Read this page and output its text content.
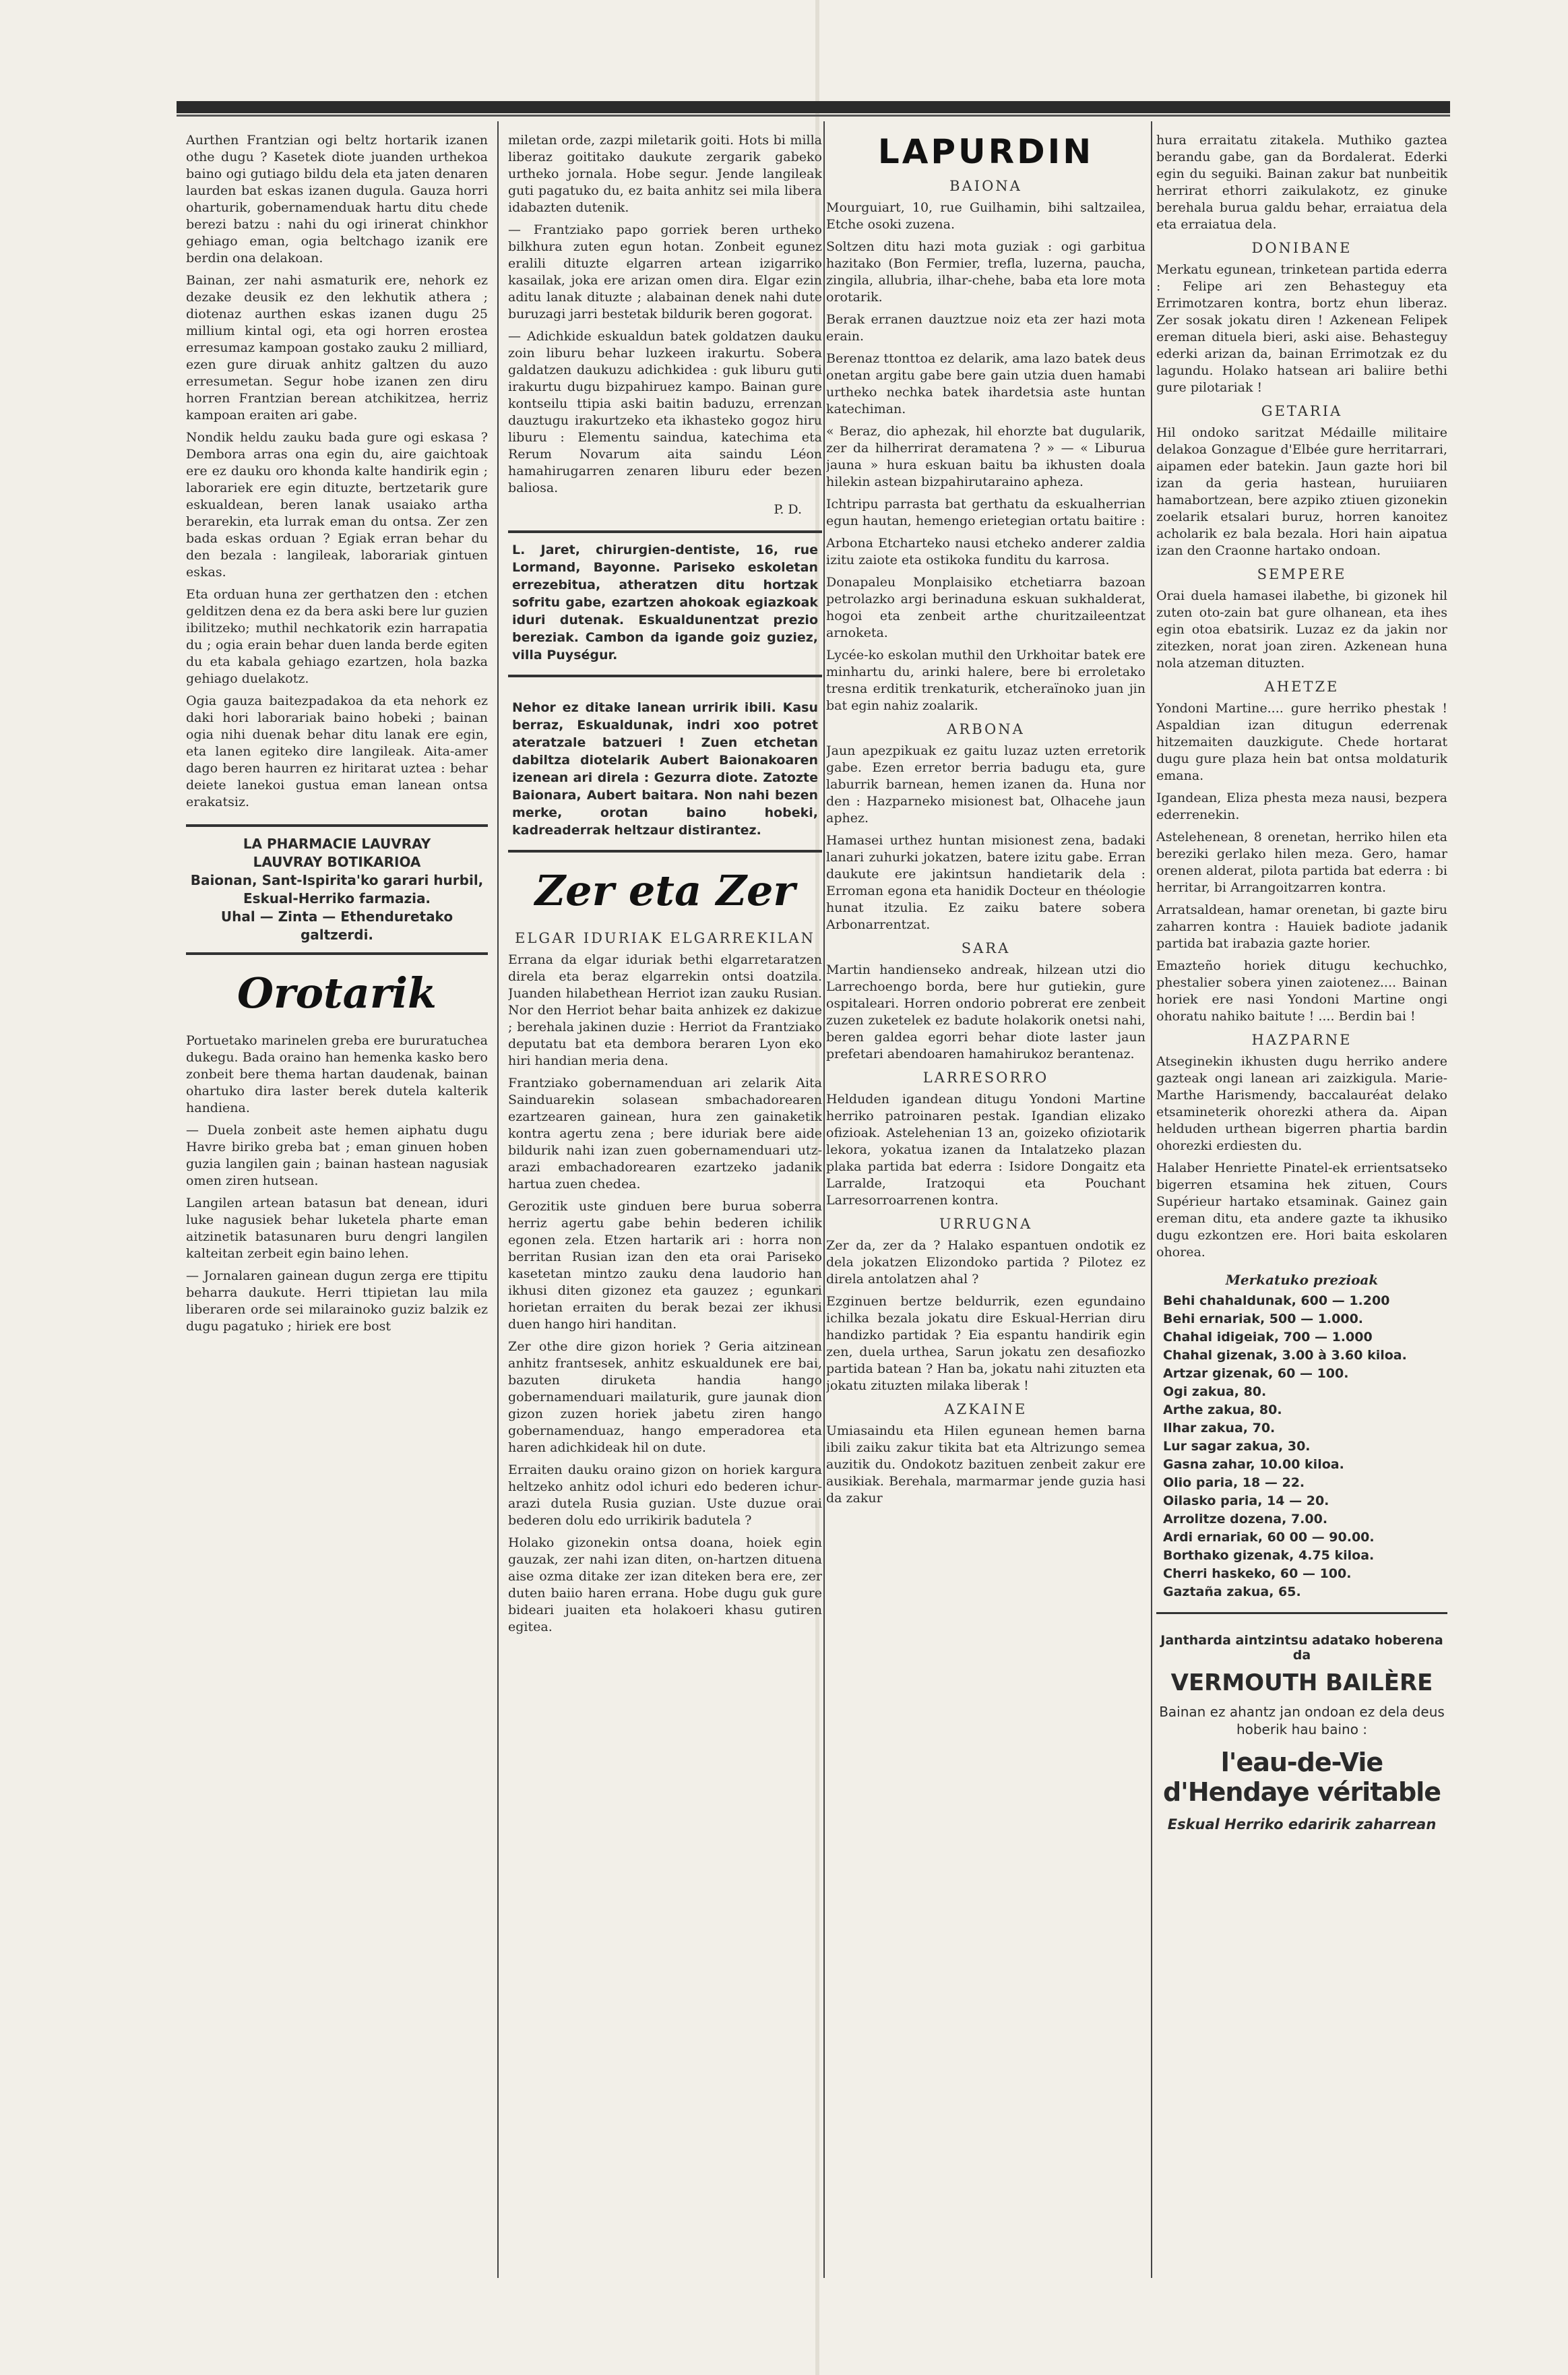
Aurthen Frantzian ogi beltz hortarik izanen othe dugu ? Kasetek diote juanden urthekoa baino ogi gutiago bildu dela eta jaten denaren laurden bat eskas izanen dugula. Gauza horri oharturik, gobernamenduak hartu ditu chede berezi batzu : nahi du ogi irinerat chinkhor gehiago eman, ogia beltchago izanik ere berdin ona delakoan.

Bainan, zer nahi asmaturik ere, nehork ez dezake deusik ez den lekhutik athera ; diotenaz aurthen eskas izanen dugu 25 millium kintal ogi, eta ogi horren erostea erresumaz kampoan gostako zauku 2 milliard, ezen gure diruak anhitz galtzen du auzo erresumetan. Segur hobe izanen zen diru horren Frantzian berean atchikitzea, herriz kampoan eraiten ari gabe.

Nondik heldu zauku bada gure ogi eskasa ? Dembora arras ona egin du, aire gaichtoak ere ez dauku oro khonda kalte handirik egin ; laborariek ere egin dituzte, bertzetarik gure eskualdean, beren lanak usaiako artha berarekin, eta lurrak eman du ontsa. Zer zen bada eskas orduan ? Egiak erran behar du den bezala : langileak, laborariak gintuen eskas.

Eta orduan huna zer gerthatzen den : etchen gelditzen dena ez da bera aski bere lur guzien ibilitzeko; muthil nechkatorik ezin harrapatia du ; ogia erain behar duen landa berde egiten du eta kabala gehiago ezartzen, hola bazka gehiago duelakotz.

Ogia gauza baitezpadakoa da eta nehork ez daki hori laborariak baino hobeki ; bainan ogia nihi duenak behar ditu lanak ere egin, eta lanen egiteko dire langileak. Aita-amer dago beren haurren ez hiritarat uztea : behar deiete lanekoi gustua eman lanean ontsa erakatsiz.

LA PHARMACIE LAUVRAY

LAUVRAY BOTIKARIOA

Baionan, Sant-Ispirita'ko garari hurbil,

Eskual-Herriko farmazia.

Uhal — Zinta — Ethenduretako

galtzerdi.

Orotarik

Portuetako marinelen greba ere bururatuchea dukegu. Bada oraino han hemenka kasko bero zonbeit bere thema hartan daudenak, bainan ohartuko dira laster berek dutela kalterik handiena.

— Duela zonbeit aste hemen aiphatu dugu Havre biriko greba bat ; eman ginuen hoben guzia langilen gain ; bainan hastean nagusiak omen ziren hutsean.

Langilen artean batasun bat denean, iduri luke nagusiek behar luketela pharte eman aitzinetik batasunaren buru dengri langilen kalteitan zerbeit egin baino lehen.

— Jornalaren gainean dugun zerga ere ttipitu beharra daukute. Herri ttipietan lau mila liberaren orde sei milarainoko guziz balzik ez dugu pagatuko ; hiriek ere bost

miletan orde, zazpi miletarik goiti. Hots bi milla liberaz goititako daukute zergarik gabeko urtheko jornala. Hobe segur. Jende langileak guti pagatuko du, ez baita anhitz sei mila libera idabazten dutenik.

— Frantziako papo gorriek beren urtheko bilkhura zuten egun hotan. Zonbeit egunez eralili dituzte elgarren artean izigarriko kasailak, joka ere arizan omen dira. Elgar ezin aditu lanak dituzte ; alabainan denek nahi dute buruzagi jarri bestetak bildurik beren gogorat.

— Adichkide eskualdun batek goldatzen dauku zoin liburu behar luzkeen irakurtu. Sobera galdatzen daukuzu adichkidea : guk liburu guti irakurtu dugu bizpahiruez kampo. Bainan gure kontseilu ttipia aski baitin baduzu, errenzan dauztugu irakurtzeko eta ikhasteko gogoz hiru liburu : Elementu saindua, katechima eta Rerum Novarum aita saindu Léon hamahirugarren zenaren liburu eder bezen baliosa.

P. D.

L. Jaret, chirurgien-dentiste, 16, rue Lormand, Bayonne. Pariseko eskoletan errezebitua, atheratzen ditu hortzak sofritu gabe, ezartzen ahokoak egiazkoak iduri dutenak. Eskualdunentzat prezio bereziak. Cambon da igande goiz guziez, villa Puységur.

Nehor ez ditake lanean urririk ibili. Kasu berraz, Eskualdunak, indri xoo potret ateratzale batzueri ! Zuen etchetan dabiltza diotelarik Aubert Baionakoaren izenean ari direla : Gezurra diote. Zatozte Baionara, Aubert baitara. Non nahi bezen merke, orotan baino hobeki, kadreaderrak heltzaur distirantez.

Zer eta Zer
ELGAR IDURIAK ELGARREKILAN

Errana da elgar iduriak bethi elgarretaratzen direla eta beraz elgarrekin ontsi doatzila. Juanden hilabethean Herriot izan zauku Rusian. Nor den Herriot behar baita anhizek ez dakizue ; berehala jakinen duzie : Herriot da Frantziako deputatu bat eta dembora beraren Lyon eko hiri handian meria dena.

Frantziako gobernamenduan ari zelarik Aita Sainduarekin solasean smbachadorearen ezartzearen gainean, hura zen gainaketik kontra agertu zena ; bere iduriak bere aide bildurik nahi izan zuen gobernamenduari utz-arazi embachadorearen ezartzeko jadanik hartua zuen chedea.

Gerozitik uste ginduen bere burua soberra herriz agertu gabe behin bederen ichilik egonen zela. Etzen hartarik ari : horra non berritan Rusian izan den eta orai Pariseko kasetetan mintzo zauku dena laudorio han ikhusi diten gizonez eta gauzez ; egunkari horietan erraiten du berak bezai zer ikhusi duen hango hiri handitan.

Zer othe dire gizon horiek ? Geria aitzinean anhitz frantsesek, anhitz eskualdunek ere bai, bazuten diruketa handia hango gobernamenduari mailaturik, gure jaunak dion gizon zuzen horiek jabetu ziren hango gobernamenduaz, hango emperadorea eta haren adichkideak hil on dute.

Erraiten dauku oraino gizon on horiek kargura heltzeko anhitz odol ichuri edo bederen ichur-arazi dutela Rusia guzian. Uste duzue orai bederen dolu edo urrikirik badutela ?

Holako gizonekin ontsa doana, hoiek egin gauzak, zer nahi izan diten, on-hartzen dituena aise ozma ditake zer izan diteken bera ere, zer duten baiio haren errana. Hobe dugu guk gure bideari juaiten eta holakoeri khasu gutiren egitea.

LAPURDIN
BAIONA

Mourguiart, 10, rue Guilhamin, bihi saltzailea, Etche osoki zuzena.

Soltzen ditu hazi mota guziak : ogi garbitua hazitako (Bon Fermier, trefla, luzerna, paucha, zingila, allubria, ilhar-chehe, baba eta lore mota orotarik.

Berak erranen dauztzue noiz eta zer hazi mota erain.

Berenaz ttonttoa ez delarik, ama lazo batek deus onetan argitu gabe bere gain utzia duen hamabi urtheko nechka batek ihardetsia aste huntan katechiman.

« Beraz, dio aphezak, hil ehorzte bat dugularik, zer da hilherrirat deramatena ? » — « Liburua jauna » hura eskuan baitu ba ikhusten doala hilekin astean bizpahirutaraino apheza.

Ichtripu parrasta bat gerthatu da eskualherrian egun hautan, hemengo erietegian ortatu baitire :

Arbona Etcharteko nausi etcheko anderer zaldia izitu zaiote eta ostikoka funditu du karrosa.

Donapaleu Monplaisiko etchetiarra bazoan petrolazko argi berinaduna eskuan sukhalderat, hogoi eta zenbeit arthe churitzaileentzat arnoketa.

Lycée-ko eskolan muthil den Urkhoitar batek ere minhartu du, arinki halere, bere bi erroletako tresna erditik trenkaturik, etcheraïnoko juan jin bat egin nahiz zoalarik.

ARBONA

Jaun apezpikuak ez gaitu luzaz uzten erretorik gabe. Ezen erretor berria badugu eta, gure laburrik barnean, hemen izanen da. Huna nor den : Hazparneko misionest bat, Olhacehe jaun aphez.

Hamasei urthez huntan misionest zena, badaki lanari zuhurki jokatzen, batere izitu gabe. Erran daukute ere jakintsun handietarik dela : Erroman egona eta hanidik Docteur en théologie hunat itzulia. Ez zaiku batere sobera Arbonarrentzat.

SARA

Martin handienseko andreak, hilzean utzi dio Larrechoengo borda, bere hur gutiekin, gure ospitaleari. Horren ondorio pobrerat ere zenbeit zuzen zuketelek ez badute holakorik onetsi nahi, beren galdea egorri behar diote laster jaun prefetari abendoaren hamahirukoz berantenaz.

LARRESORRO

Helduden igandean ditugu Yondoni Martine herriko patroinaren pestak. Igandian elizako ofizioak. Astelehenian 13 an, goizeko ofiziotarik lekora, yokatua izanen da Intalatzeko plazan plaka partida bat ederra : Isidore Dongaitz eta Larralde, Iratzoqui eta Pouchant Larresorroarrenen kontra.

URRUGNA

Zer da, zer da ? Halako espantuen ondotik ez dela jokatzen Elizondoko partida ? Pilotez ez direla antolatzen ahal ?

Ezginuen bertze beldurrik, ezen egundaino ichilka bezala jokatu dire Eskual-Herrian diru handizko partidak ? Eia espantu handirik egin zen, duela urthea, Sarun jokatu zen desafiozko partida batean ? Han ba, jokatu nahi zituzten eta jokatu zituzten milaka liberak !

AZKAINE

Umiasaindu eta Hilen egunean hemen barna ibili zaiku zakur tikita bat eta Altrizungo semea auzitik du. Ondokotz bazituen zenbeit zakur ere ausikiak. Berehala, marmarmar jende guzia hasi da zakur

hura erraitatu zitakela. Muthiko gaztea berandu gabe, gan da Bordalerat. Ederki egin du seguiki. Bainan zakur bat nunbeitik herrirat ethorri zaikulakotz, ez ginuke berehala burua galdu behar, erraiatua dela eta erraiatua dela.

DONIBANE

Merkatu egunean, trinketean partida ederra : Felipe ari zen Behasteguy eta Errimotzaren kontra, bortz ehun liberaz. Zer sosak jokatu diren ! Azkenean Felipek ereman dituela bieri, aski aise. Behasteguy ederki arizan da, bainan Errimotzak ez du lagundu. Holako hatsean ari baliire bethi gure pilotariak !

GETARIA

Hil ondoko saritzat Médaille militaire delakoa Gonzague d'Elbée gure herritarrari, aipamen eder batekin. Jaun gazte hori bil izan da geria hastean, huruiiaren hamabortzean, bere azpiko ztiuen gizonekin zoelarik etsalari buruz, horren kanoitez acholarik ez bala bezala. Hori hain aipatua izan den Craonne hartako ondoan.

SEMPERE

Orai duela hamasei ilabethe, bi gizonek hil zuten oto-zain bat gure olhanean, eta ihes egin otoa ebatsirik. Luzaz ez da jakin nor zitezken, norat joan ziren. Azkenean huna nola atzeman dituzten.

AHETZE

Yondoni Martine.... gure herriko phestak ! Aspaldian izan ditugun ederrenak hitzemaiten dauzkigute. Chede hortarat dugu gure plaza hein bat ontsa moldaturik emana.

Igandean, Eliza phesta meza nausi, bezpera ederrenekin.

Astelehenean, 8 orenetan, herriko hilen eta bereziki gerlako hilen meza. Gero, hamar orenen alderat, pilota partida bat ederra : bi herritar, bi Arrangoitzarren kontra.

Arratsaldean, hamar orenetan, bi gazte biru zaharren kontra : Hauiek badiote jadanik partida bat irabazia gazte horier.

Emazteño horiek ditugu kechuchko, phestalier sobera yinen zaiotenez.... Bainan horiek ere nasi Yondoni Martine ongi ohoratu nahiko baitute ! .... Berdin bai !

HAZPARNE

Atseginekin ikhusten dugu herriko andere gazteak ongi lanean ari zaizkigula. Marie-Marthe Harismendy, baccalauréat delako etsamineterik ohorezki athera da. Aipan helduden urthean bigerren phartia bardin ohorezki erdiesten du.

Halaber Henriette Pinatel-ek errientsatseko bigerren etsamina hek zituen, Cours Supérieur hartako etsaminak. Gainez gain ereman ditu, eta andere gazte ta ikhusiko dugu ezkontzen ere. Hori baita eskolaren ohorea.

Merkatuko prezioak
Behi chahaldunak, 600 — 1.200
Behi ernariak, 500 — 1.000.
Chahal idigeiak, 700 — 1.000
Chahal gizenak, 3.00 à 3.60 kiloa.
Artzar gizenak, 60 — 100.
Ogi zakua, 80.
Arthe zakua, 80.
Ilhar zakua, 70.
Lur sagar zakua, 30.
Gasna zahar, 10.00 kiloa.
Olio paria, 18 — 22.
Oilasko paria, 14 — 20.
Arrolitze dozena, 7.00.
Ardi ernariak, 60 00 — 90.00.
Borthako gizenak, 4.75 kiloa.
Cherri haskeko, 60 — 100.
Gaztaña zakua, 65.
Jantharda aintzintsu adatako hoberena da
VERMOUTH BAILÈRE
Bainan ez ahantz jan ondoan ez dela deus hoberik hau baino :
l'eau-de-Vie d'Hendaye véritable
Eskual Herriko edaririk zaharrean
